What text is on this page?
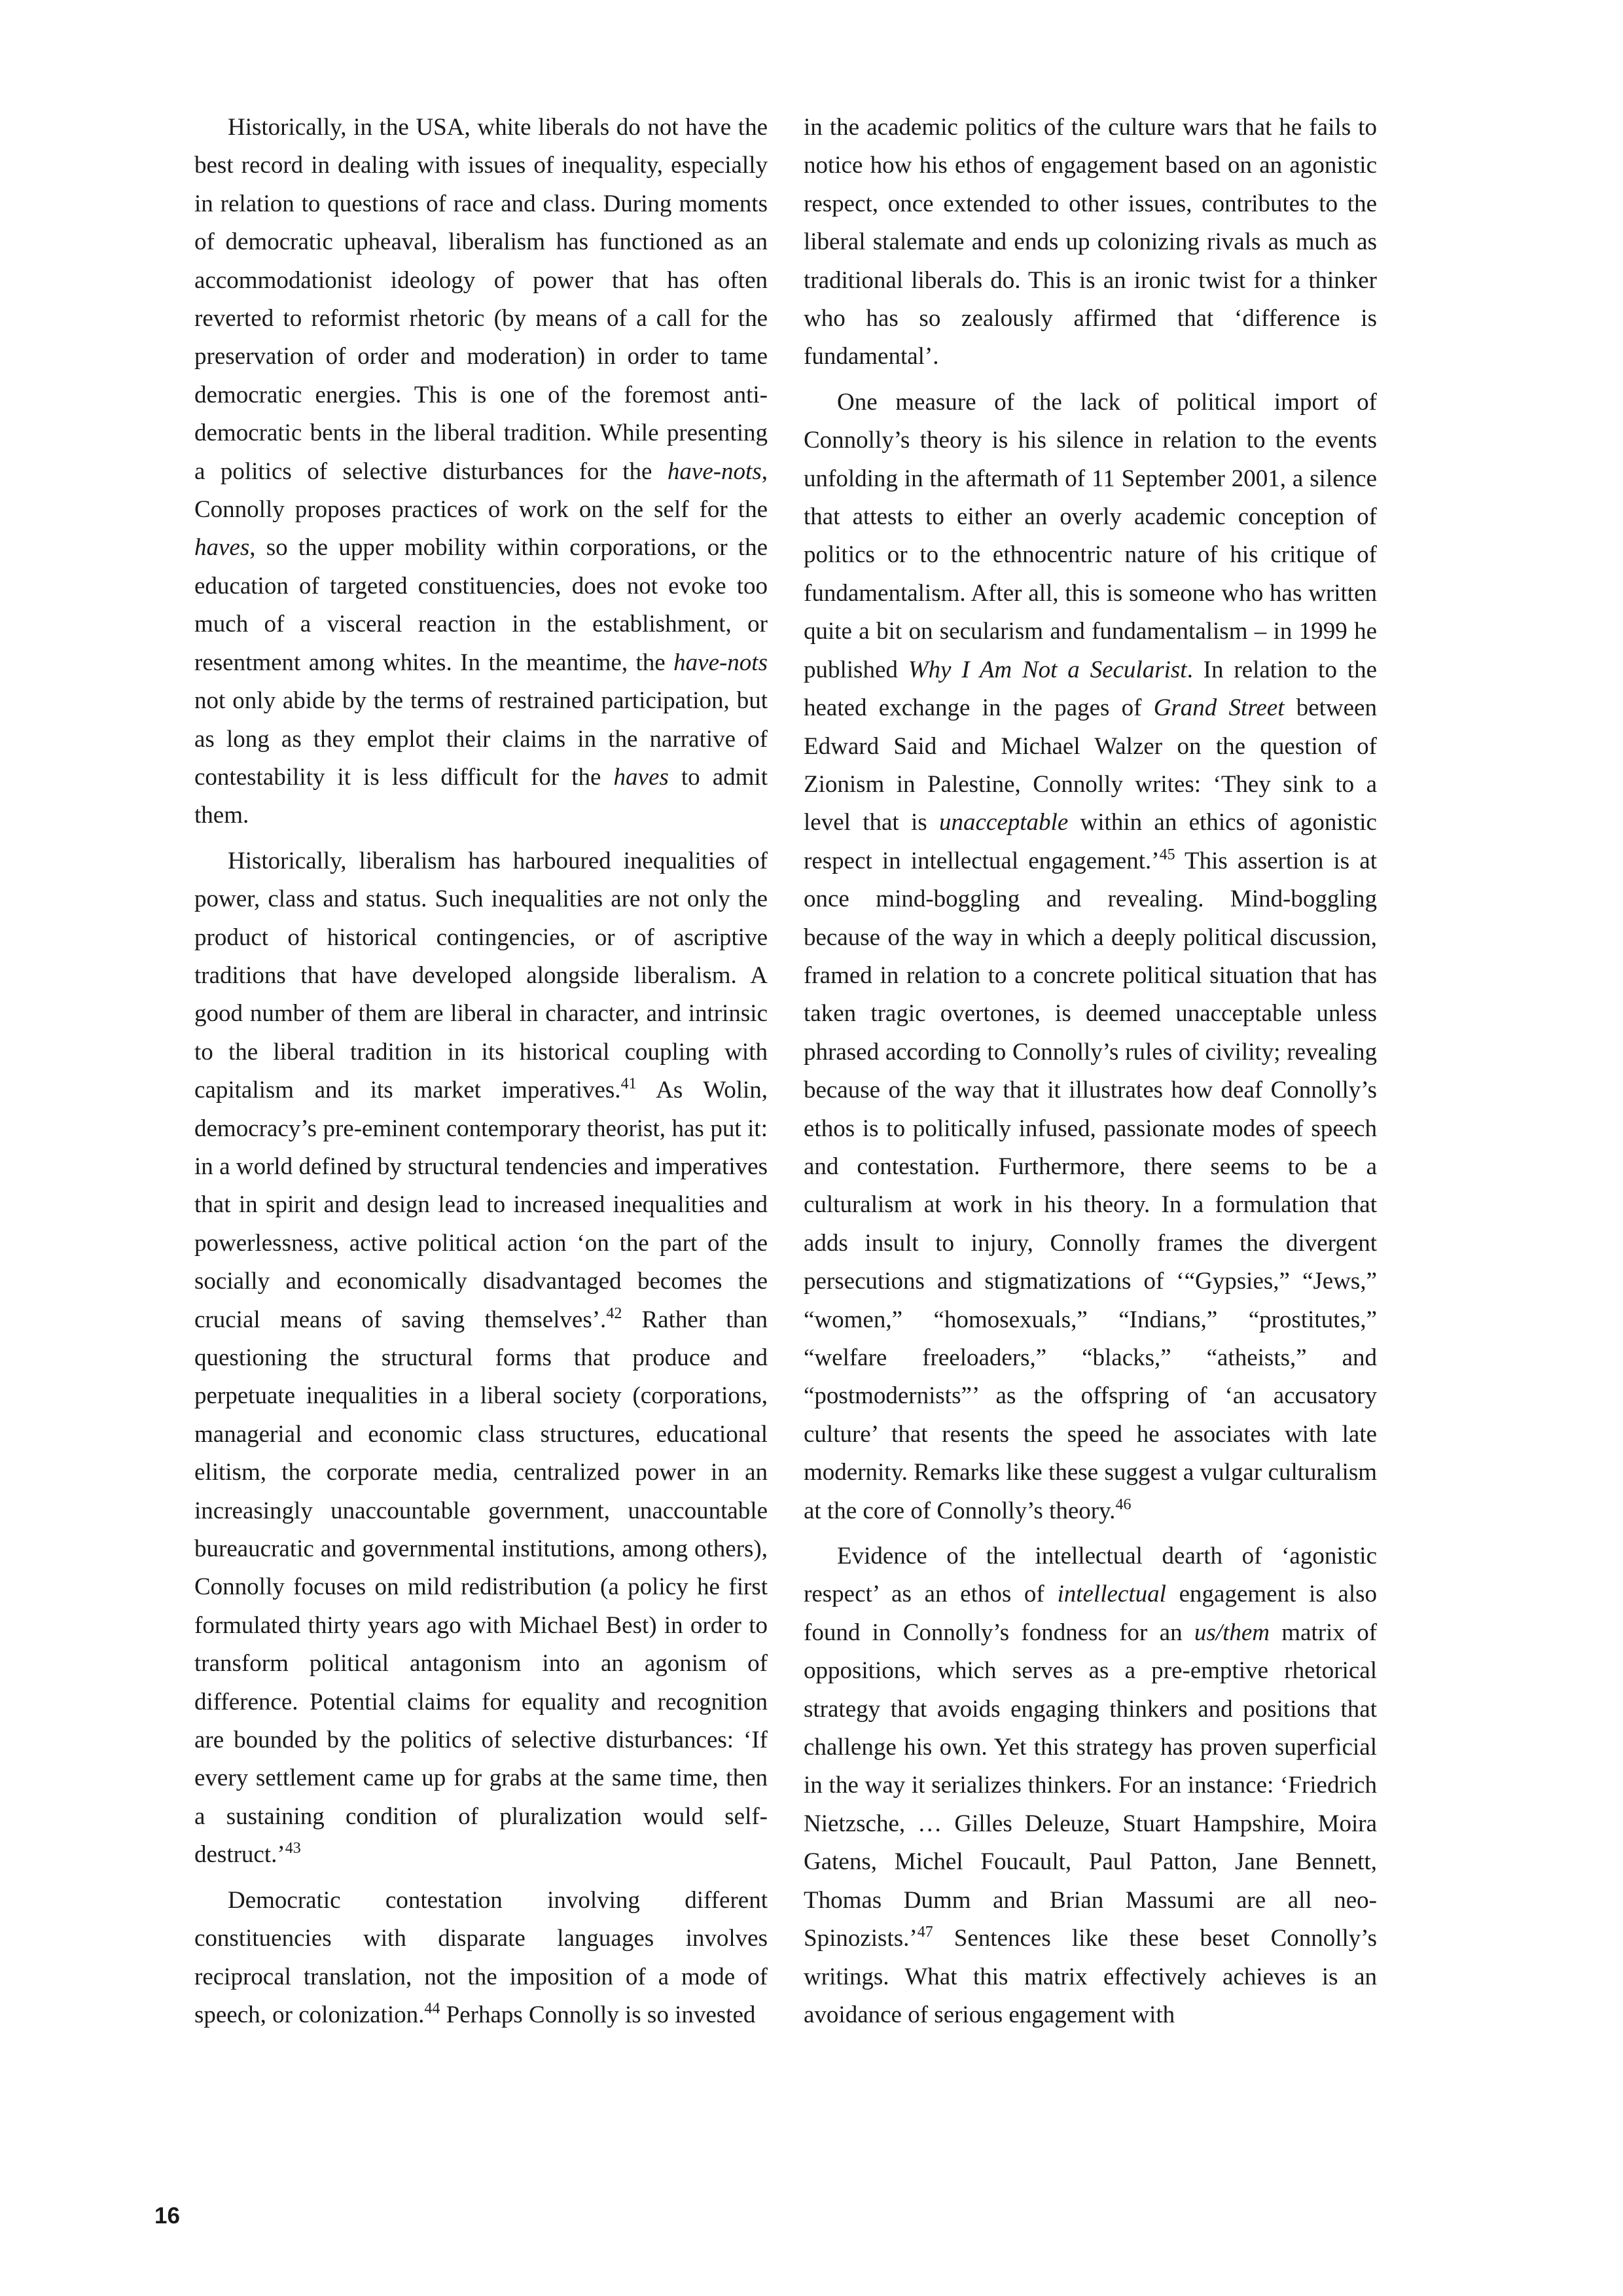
Historically, in the USA, white liberals do not have the best record in dealing with issues of inequality, especially in relation to questions of race and class. During moments of democratic upheaval, liberalism has functioned as an accommodationist ideology of power that has often reverted to reformist rhetoric (by means of a call for the preservation of order and moderation) in order to tame democratic energies. This is one of the foremost anti-democratic bents in the liberal tradition. While presenting a politics of selective disturbances for the have-nots, Connolly proposes practices of work on the self for the haves, so the upper mobility within corporations, or the education of targeted constituencies, does not evoke too much of a visceral reaction in the establishment, or resentment among whites. In the meantime, the have-nots not only abide by the terms of restrained participation, but as long as they emplot their claims in the narrative of contestability it is less difficult for the haves to admit them.

Historically, liberalism has harboured inequalities of power, class and status. Such inequalities are not only the product of historical contingencies, or of ascriptive traditions that have developed alongside liberalism. A good number of them are liberal in character, and intrinsic to the liberal tradition in its historical coupling with capitalism and its market imperatives.$^{41}$ As Wolin, democracy’s pre-eminent contemporary theorist, has put it: in a world defined by structural tendencies and imperatives that in spirit and design lead to increased inequalities and powerlessness, active political action ‘on the part of the socially and economically disadvantaged becomes the crucial means of saving themselves’.$^{42}$ Rather than questioning the structural forms that produce and perpetuate inequalities in a liberal society (corporations, managerial and economic class structures, educational elitism, the corporate media, centralized power in an increasingly unaccountable government, unaccountable bureaucratic and governmental institutions, among others), Connolly focuses on mild redistribution (a policy he first formulated thirty years ago with Michael Best) in order to transform political antagonism into an agonism of difference. Potential claims for equality and recognition are bounded by the politics of selective disturbances: ‘If every settlement came up for grabs at the same time, then a sustaining condition of pluralization would self-destruct.’$^{43}$

Democratic contestation involving different constituencies with disparate languages involves reciprocal translation, not the imposition of a mode of speech, or colonization.$^{44}$ Perhaps Connolly is so invested

in the academic politics of the culture wars that he fails to notice how his ethos of engagement based on an agonistic respect, once extended to other issues, contributes to the liberal stalemate and ends up colonizing rivals as much as traditional liberals do. This is an ironic twist for a thinker who has so zealously affirmed that ‘difference is fundamental’.

One measure of the lack of political import of Connolly’s theory is his silence in relation to the events unfolding in the aftermath of 11 September 2001, a silence that attests to either an overly academic conception of politics or to the ethnocentric nature of his critique of fundamentalism. After all, this is someone who has written quite a bit on secularism and fundamentalism – in 1999 he published Why I Am Not a Secularist. In relation to the heated exchange in the pages of Grand Street between Edward Said and Michael Walzer on the question of Zionism in Palestine, Connolly writes: ‘They sink to a level that is unacceptable within an ethics of agonistic respect in intellectual engagement.’$^{45}$ This assertion is at once mind-boggling and revealing. Mind-boggling because of the way in which a deeply political discussion, framed in relation to a concrete political situation that has taken tragic overtones, is deemed unacceptable unless phrased according to Connolly’s rules of civility; revealing because of the way that it illustrates how deaf Connolly’s ethos is to politically infused, passionate modes of speech and contestation. Furthermore, there seems to be a culturalism at work in his theory. In a formulation that adds insult to injury, Connolly frames the divergent persecutions and stigmatizations of ‘“Gypsies,” “Jews,” “women,” “homosexuals,” “Indians,” “prostitutes,” “welfare freeloaders,” “blacks,” “atheists,” and “postmodernists”’ as the offspring of ‘an accusatory culture’ that resents the speed he associates with late modernity. Remarks like these suggest a vulgar culturalism at the core of Connolly’s theory.$^{46}$

Evidence of the intellectual dearth of ‘agonistic respect’ as an ethos of intellectual engagement is also found in Connolly’s fondness for an us/them matrix of oppositions, which serves as a pre-emptive rhetorical strategy that avoids engaging thinkers and positions that challenge his own. Yet this strategy has proven superficial in the way it serializes thinkers. For an instance: ‘Friedrich Nietzsche, … Gilles Deleuze, Stuart Hampshire, Moira Gatens, Michel Foucault, Paul Patton, Jane Bennett, Thomas Dumm and Brian Massumi are all neo-Spinozists.’$^{47}$ Sentences like these beset Connolly’s writings. What this matrix effectively achieves is an avoidance of serious engagement with

16
